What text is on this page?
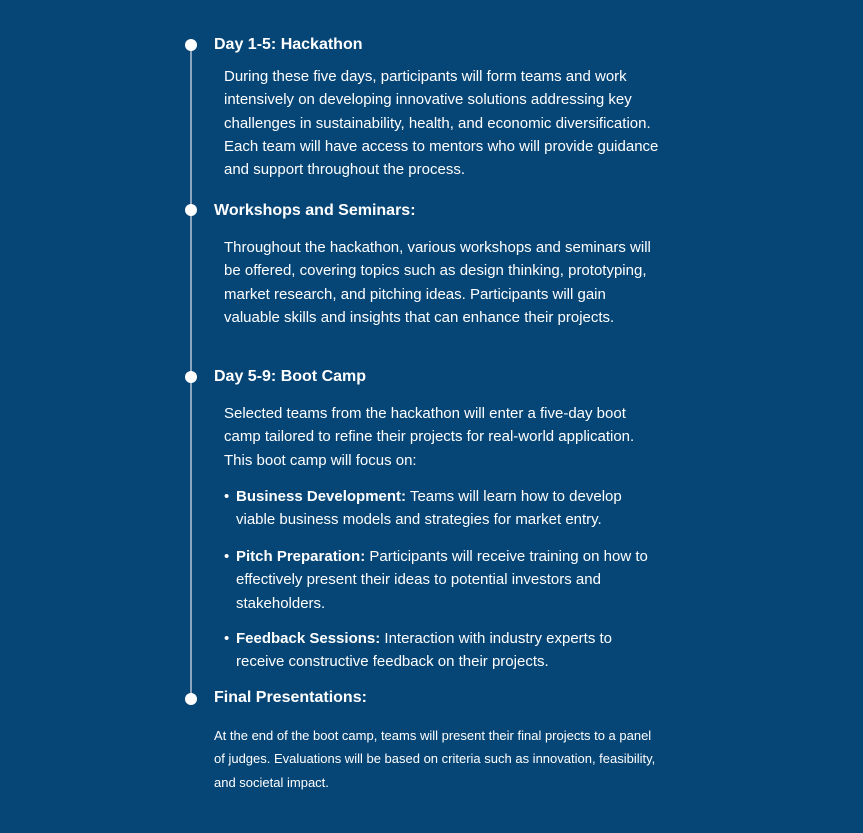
Day 1-5: Hackathon
During these five days, participants will form teams and work intensively on developing innovative solutions addressing key challenges in sustainability, health, and economic diversification. Each team will have access to mentors who will provide guidance and support throughout the process.
Workshops and Seminars:
Throughout the hackathon, various workshops and seminars will be offered, covering topics such as design thinking, prototyping, market research, and pitching ideas. Participants will gain valuable skills and insights that can enhance their projects.
Day 5-9: Boot Camp
Selected teams from the hackathon will enter a five-day boot camp tailored to refine their projects for real-world application. This boot camp will focus on:
• Business Development: Teams will learn how to develop viable business models and strategies for market entry.
• Pitch Preparation: Participants will receive training on how to effectively present their ideas to potential investors and stakeholders.
• Feedback Sessions: Interaction with industry experts to receive constructive feedback on their projects.
Final Presentations:
At the end of the boot camp, teams will present their final projects to a panel of judges. Evaluations will be based on criteria such as innovation, feasibility, and societal impact.
